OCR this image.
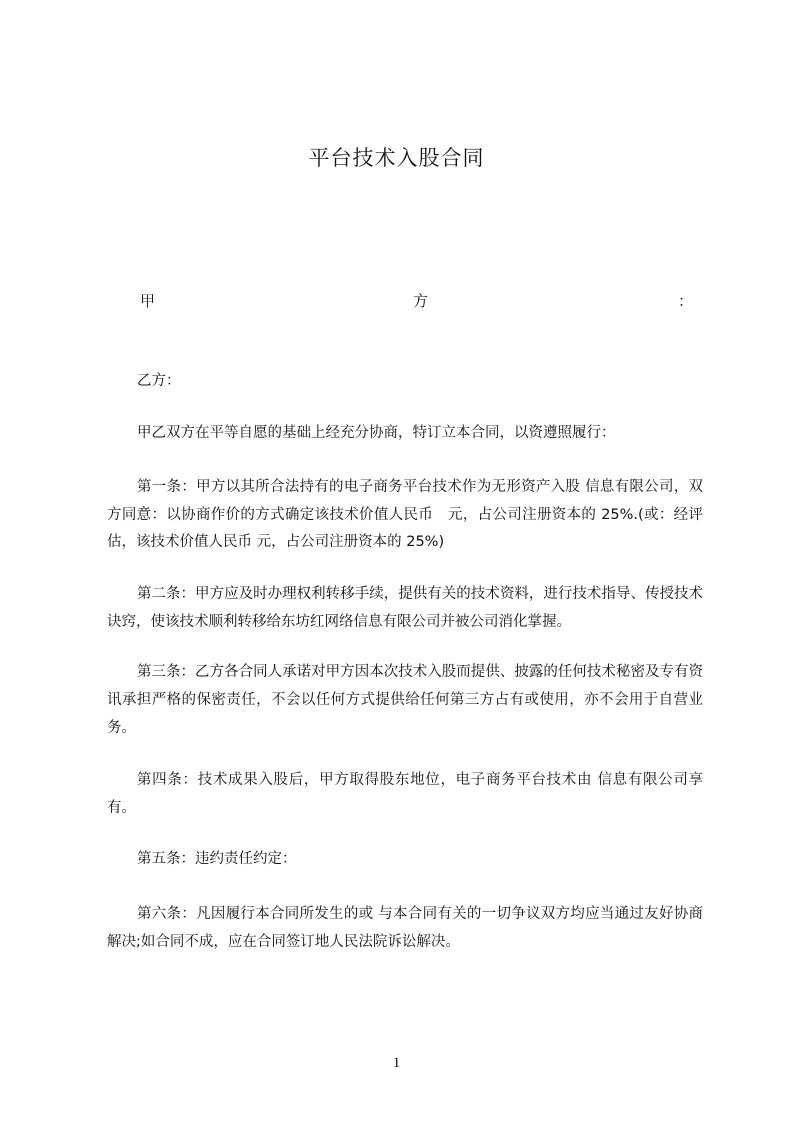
平台技术入股合同
甲	方	：
乙方：
甲乙双方在平等自愿的基础上经充分协商，特订立本合同，以资遵照履行：
第一条：甲方以其所合法持有的电子商务平台技术作为无形资产入股 信息有限公司，双方同意：以协商作价的方式确定该技术价值人民币　元，占公司注册资本的 25%.(或：经评估，该技术价值人民币 元，占公司注册资本的 25%)
第二条：甲方应及时办理权利转移手续，提供有关的技术资料，进行技术指导、传授技术诀窍，使该技术顺利转移给东坊红网络信息有限公司并被公司消化掌握。
第三条：乙方各合同人承诺对甲方因本次技术入股而提供、披露的任何技术秘密及专有资讯承担严格的保密责任，不会以任何方式提供给任何第三方占有或使用，亦不会用于自营业务。
第四条：技术成果入股后，甲方取得股东地位，电子商务平台技术由 信息有限公司享有。
第五条：违约责任约定：
第六条：凡因履行本合同所发生的或 与本合同有关的一切争议双方均应当通过友好协商解决;如合同不成，应在合同签订地人民法院诉讼解决。
1
